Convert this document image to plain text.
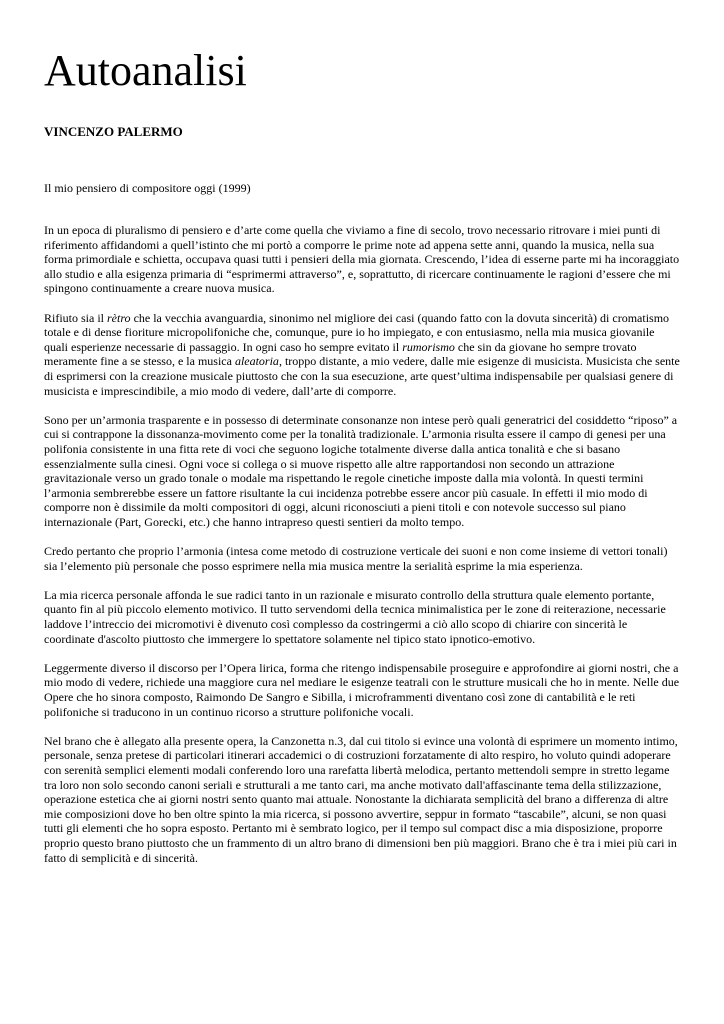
Autoanalisi
VINCENZO PALERMO
Il mio pensiero di compositore oggi (1999)

In un epoca di pluralismo di pensiero e d’arte come quella che viviamo a fine di secolo, trovo necessario ritrovare i miei punti di riferimento affidandomi a quell’istinto che mi portò a comporre le prime note ad appena sette anni, quando la musica, nella sua forma primordiale e schietta, occupava quasi tutti i pensieri della mia giornata. Crescendo, l’idea di esserne parte mi ha incoraggiato allo studio e alla esigenza primaria di “esprimermi attraverso”, e, soprattutto, di ricercare continuamente le ragioni d’essere che mi spingono continuamente a creare nuova musica.

Rifiuto sia il rètro che la vecchia avanguardia, sinonimo nel migliore dei casi (quando fatto con la dovuta sincerità) di cromatismo totale e di dense fioriture micropolifoniche che, comunque, pure io ho impiegato, e con entusiasmo, nella mia musica giovanile quali esperienze necessarie di passaggio. In ogni caso ho sempre evitato il rumorismo che sin da giovane ho sempre trovato meramente fine a se stesso, e la musica aleatoria, troppo distante, a mio vedere, dalle mie esigenze di musicista. Musicista che sente di esprimersi con la creazione musicale piuttosto che con la sua esecuzione, arte quest’ultima indispensabile per qualsiasi genere di musicista e imprescindibile, a mio modo di vedere, dall’arte di comporre.

Sono per un’armonia trasparente e in possesso di determinate consonanze non intese però quali generatrici del cosiddetto “riposo” a cui si contrappone la dissonanza-movimento come per la tonalità tradizionale. L’armonia risulta essere il campo di genesi per una polifonia consistente in una fitta rete di voci che seguono logiche totalmente diverse dalla antica tonalità e che si basano essenzialmente sulla cinesi. Ogni voce si collega o si muove rispetto alle altre rapportandosi non secondo un attrazione gravitazionale verso un grado tonale o modale ma rispettando le regole cinetiche imposte dalla mia volontà. In questi termini l’armonia sembrerebbe essere un fattore risultante la cui incidenza potrebbe essere ancor più casuale. In effetti il mio modo di comporre non è dissimile da molti compositori di oggi, alcuni riconosciuti a pieni titoli e con notevole successo sul piano internazionale (Part, Gorecki, etc.) che hanno intrapreso questi sentieri da molto tempo.

Credo pertanto che proprio l’armonia (intesa come metodo di costruzione verticale dei suoni e non come insieme di vettori tonali) sia l’elemento più personale che posso esprimere nella mia musica mentre la serialità esprime la mia esperienza.

La mia ricerca personale affonda le sue radici tanto in un razionale e misurato controllo della struttura quale elemento portante, quanto fin al più piccolo elemento motivico. Il tutto servendomi della tecnica minimalistica per le zone di reiterazione, necessarie laddove l’intreccio dei micromotivi è divenuto così complesso da costringermi a ciò allo scopo di chiarire con sincerità le coordinate d'ascolto piuttosto che immergere lo spettatore solamente nel tipico stato ipnotico-emotivo.

Leggermente diverso il discorso per l’Opera lirica, forma che ritengo indispensabile proseguire e approfondire ai giorni nostri, che a mio modo di vedere, richiede una maggiore cura nel mediare le esigenze teatrali con le strutture musicali che ho in mente. Nelle due Opere che ho sinora composto, Raimondo De Sangro e Sibilla, i microframmenti diventano così zone di cantabilità e le reti polifoniche si traducono in un continuo ricorso a strutture polifoniche vocali.

Nel brano che è allegato alla presente opera, la Canzonetta n.3, dal cui titolo si evince una volontà di esprimere un momento intimo, personale, senza pretese di particolari itinerari accademici o di costruzioni forzatamente di alto respiro, ho voluto quindi adoperare con serenità semplici elementi modali conferendo loro una rarefatta libertà melodica, pertanto mettendoli sempre in stretto legame tra loro non solo secondo canoni seriali e strutturali a me tanto cari, ma anche motivato dall'affascinante tema della stilizzazione, operazione estetica che ai giorni nostri sento quanto mai attuale. Nonostante la dichiarata semplicità del brano a differenza di altre mie composizioni dove ho ben oltre spinto la mia ricerca, si possono avvertire, seppur in formato “tascabile”, alcuni, se non quasi tutti gli elementi che ho sopra esposto. Pertanto mi è sembrato logico, per il tempo sul compact disc a mia disposizione, proporre proprio questo brano piuttosto che un frammento di un altro brano di dimensioni ben più maggiori. Brano che è tra i miei più cari in fatto di semplicità e di sincerità.
